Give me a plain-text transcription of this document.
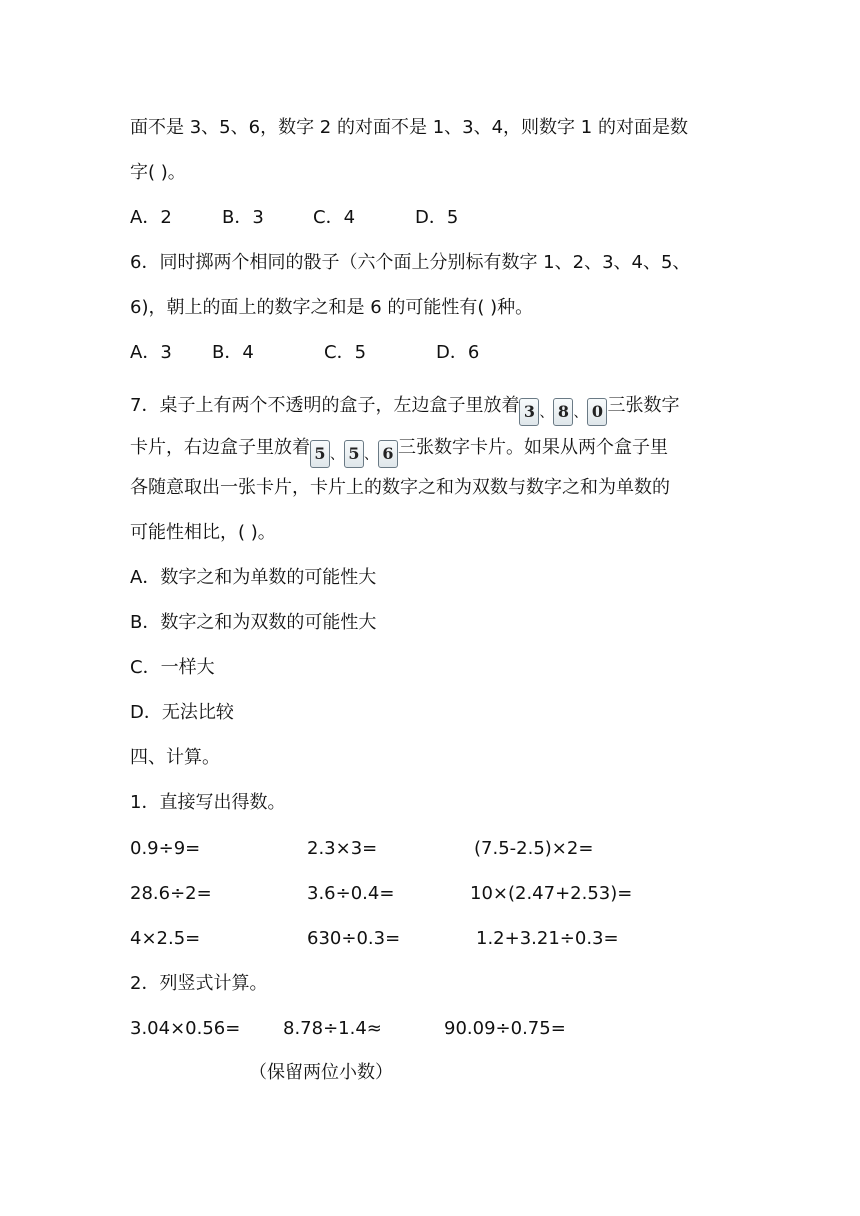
面不是 3、5、6，数字 2 的对面不是 1、3、4，则数字 1 的对面是数
字( )。
A．2	B．3	C．4	D．5
6．同时掷两个相同的骰子（六个面上分别标有数字 1、2、3、4、5、
6)，朝上的面上的数字之和是 6 的可能性有( )种。
A．3 B．4	C．5	D．6
7．桌子上有两个不透明的盒子，左边盒子里放着 3 $_、$ 8 $_、$ 0 三张数字
卡片，右边盒子里放着 5 $_、$ 5 $_、$ 6 三张数字卡片。如果从两个盒子里
各随意取出一张卡片，卡片上的数字之和为双数与数字之和为单数的
可能性相比，( )。
A．数字之和为单数的可能性大
B．数字之和为双数的可能性大
C．一样大
D．无法比较
四、计算。
1．直接写出得数。
0.9÷9=	2.3×3=	(7.5-2.5)×2=
28.6÷2=	3.6÷0.4=	10×(2.47+2.53)=
4×2.5=	630÷0.3=	1.2+3.21÷0.3=
2．列竖式计算。
3.04×0.56= 8.78÷1.4≈	90.09÷0.75=
（保留两位小数）
